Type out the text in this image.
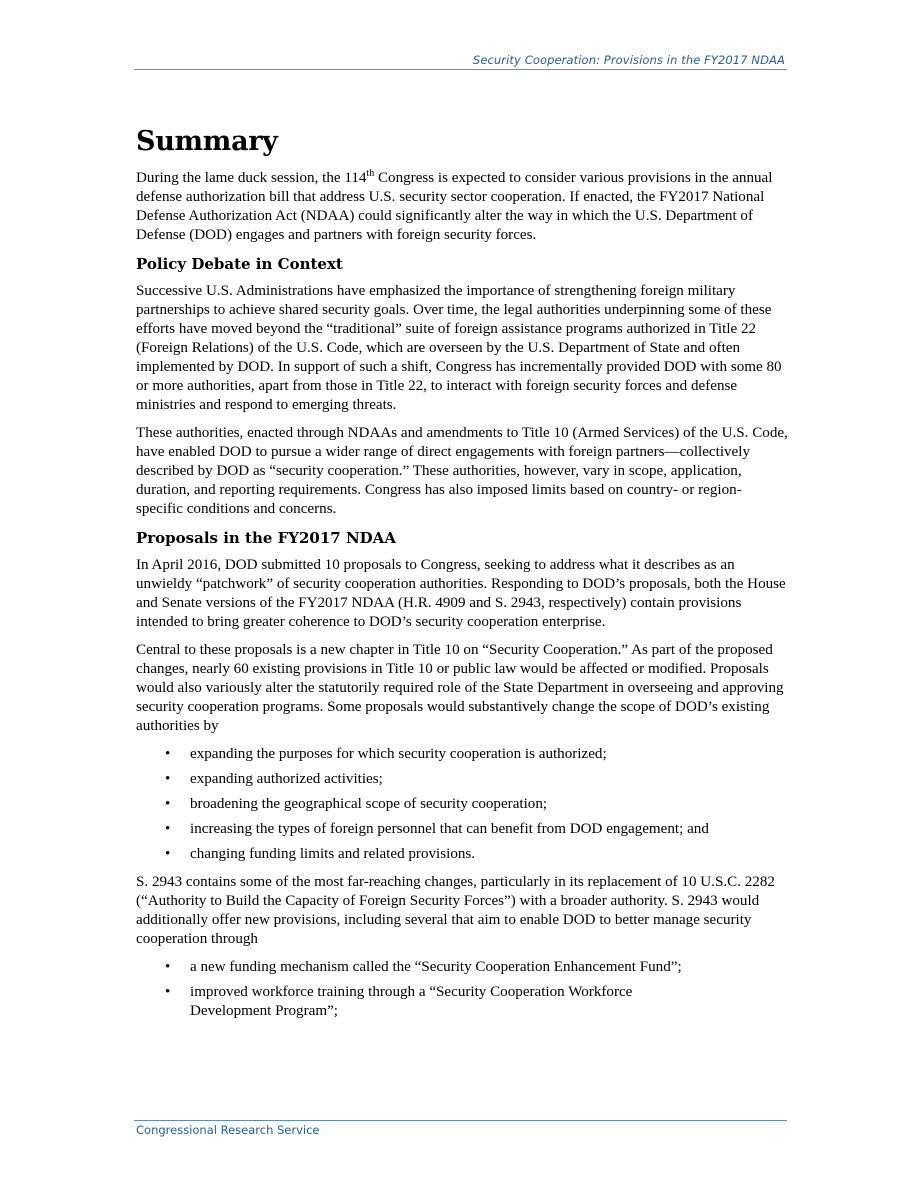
Security Cooperation: Provisions in the FY2017 NDAA
Summary

During the lame duck session, the 114th Congress is expected to consider various provisions in the annual defense authorization bill that address U.S. security sector cooperation. If enacted, the FY2017 National Defense Authorization Act (NDAA) could significantly alter the way in which the U.S. Department of Defense (DOD) engages and partners with foreign security forces.

Policy Debate in Context

Successive U.S. Administrations have emphasized the importance of strengthening foreign military partnerships to achieve shared security goals. Over time, the legal authorities underpinning some of these efforts have moved beyond the “traditional” suite of foreign assistance programs authorized in Title 22 (Foreign Relations) of the U.S. Code, which are overseen by the U.S. Department of State and often implemented by DOD. In support of such a shift, Congress has incrementally provided DOD with some 80 or more authorities, apart from those in Title 22, to interact with foreign security forces and defense ministries and respond to emerging threats.

These authorities, enacted through NDAAs and amendments to Title 10 (Armed Services) of the U.S. Code, have enabled DOD to pursue a wider range of direct engagements with foreign partners—collectively described by DOD as “security cooperation.” These authorities, however, vary in scope, application, duration, and reporting requirements. Congress has also imposed limits based on country- or region-specific conditions and concerns.

Proposals in the FY2017 NDAA

In April 2016, DOD submitted 10 proposals to Congress, seeking to address what it describes as an unwieldy “patchwork” of security cooperation authorities. Responding to DOD’s proposals, both the House and Senate versions of the FY2017 NDAA (H.R. 4909 and S. 2943, respectively) contain provisions intended to bring greater coherence to DOD’s security cooperation enterprise.

Central to these proposals is a new chapter in Title 10 on “Security Cooperation.” As part of the proposed changes, nearly 60 existing provisions in Title 10 or public law would be affected or modified. Proposals would also variously alter the statutorily required role of the State Department in overseeing and approving security cooperation programs. Some proposals would substantively change the scope of DOD’s existing authorities by

• expanding the purposes for which security cooperation is authorized;
• expanding authorized activities;
• broadening the geographical scope of security cooperation;
• increasing the types of foreign personnel that can benefit from DOD engagement; and
• changing funding limits and related provisions.

S. 2943 contains some of the most far-reaching changes, particularly in its replacement of 10 U.S.C. 2282 (“Authority to Build the Capacity of Foreign Security Forces”) with a broader authority. S. 2943 would additionally offer new provisions, including several that aim to enable DOD to better manage security cooperation through

• a new funding mechanism called the “Security Cooperation Enhancement Fund”;
• improved workforce training through a “Security Cooperation Workforce Development Program”;
Congressional Research Service
